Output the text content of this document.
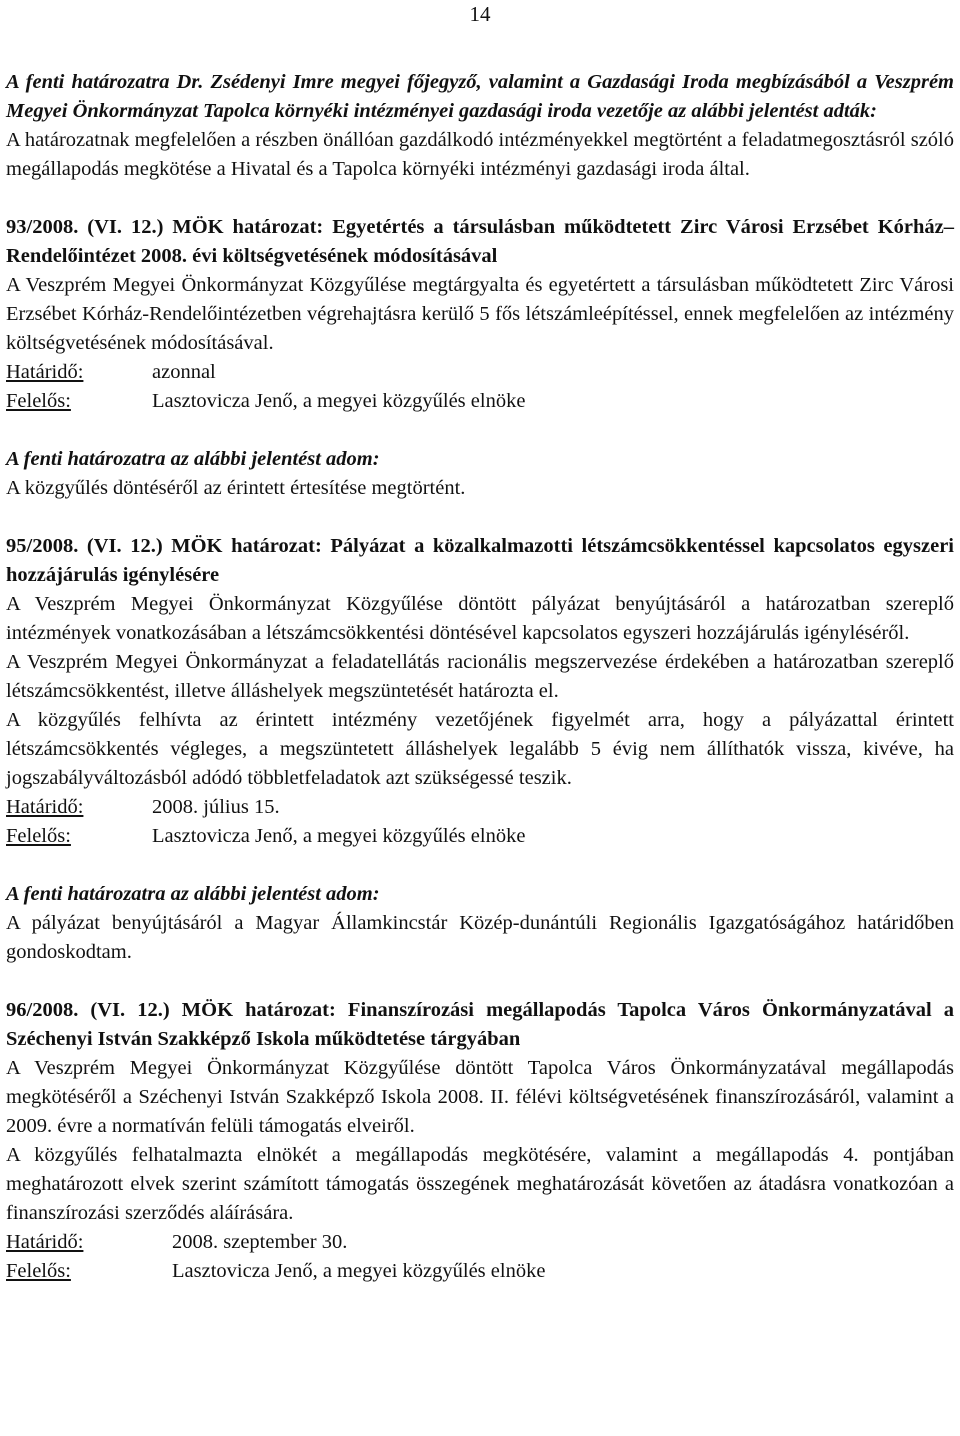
14

A fenti határozatra Dr. Zsédenyi Imre megyei főjegyző, valamint a Gazdasági Iroda megbízásából a Veszprém Megyei Önkormányzat Tapolca környéki intézményei gazdasági irodа vezetője az alábbi jelentést adták:

A határozatnak megfelelően a részben önállóan gazdálkodó intézményekkel megtörtént a feladatmegosztásról szóló megállapodás megkötése a Hivatal és a Tapolca környéki intézményi gazdasági iroda által.

93/2008. (VI. 12.) MÖK határozat: Egyetértés a társulásban működtetett Zirc Városi Erzsébet Kórház–Rendelőintézet 2008. évi költségvetésének módosításával

A Veszprém Megyei Önkormányzat Közgyűlése megtárgyalta és egyetértett a társulásban működtetett Zirc Városi Erzsébet Kórház-Rendelőintézetben végrehajtásra kerülő 5 fős létszámleépítéssel, ennek megfelelően az intézmény költségvetésének módosításával.

Határidő:	azonnal

Felelős:	Lasztovicza Jenő, a megyei közgyűlés elnöke

A fenti határozatra az alábbi jelentést adom:

A közgyűlés döntéséről az érintett értesítése megtörtént.

95/2008. (VI. 12.) MÖK határozat: Pályázat a közalkalmazotti létszámcsökkentéssel kapcsolatos egyszeri hozzájárulás igénylésére

A Veszprém Megyei Önkormányzat Közgyűlése döntött pályázat benyújtásáról a határozatban szereplő intézmények vonatkozásában a létszámcsökkentési döntésével kapcsolatos egyszeri hozzájárulás igényléséről.

A Veszprém Megyei Önkormányzat a feladatellátás racionális megszervezése érdekében a határozatban szereplő létszámcsökkentést, illetve álláshelyek megszüntetését határozta el.

A közgyűlés felhívta az érintett intézmény vezetőjének figyelmét arra, hogy a pályázattal érintett létszámcsökkentés végleges, a megszüntetett álláshelyek legalább 5 évig nem állíthatók vissza, kivéve, ha jogszabályváltozásból adódó többletfeladatok azt szükségessé teszik.

Határidő:	2008. július 15.

Felelős:	Lasztovicza Jenő, a megyei közgyűlés elnöke

A fenti határozatra az alábbi jelentést adom:

A pályázat benyújtásáról a Magyar Államkincstár Közép-dunántúli Regionális Igazgatóságához határidőben gondoskodtam.

96/2008. (VI. 12.) MÖK határozat: Finanszírozási megállapodás Tapolca Város Önkormányzatával a Széchenyi István Szakképző Iskola működtetése tárgyában

A Veszprém Megyei Önkormányzat Közgyűlése döntött Tapolca Város Önkormányzatával megállapodás megkötéséről a Széchenyi István Szakképző Iskola 2008. II. félévi költségvetésének finanszírozásáról, valamint a 2009. évre a normatíván felüli támogatás elveiről.

A közgyűlés felhatalmazta elnökét a megállapodás megkötésére, valamint a megállapodás 4. pontjában meghatározott elvek szerint számított támogatás összegének meghatározását követően az átadásra vonatkozóan a finanszírozási szerződés aláírására.

Határidő:	2008. szeptember 30.

Felelős:	Lasztovicza Jenő, a megyei közgyűlés elnöke
